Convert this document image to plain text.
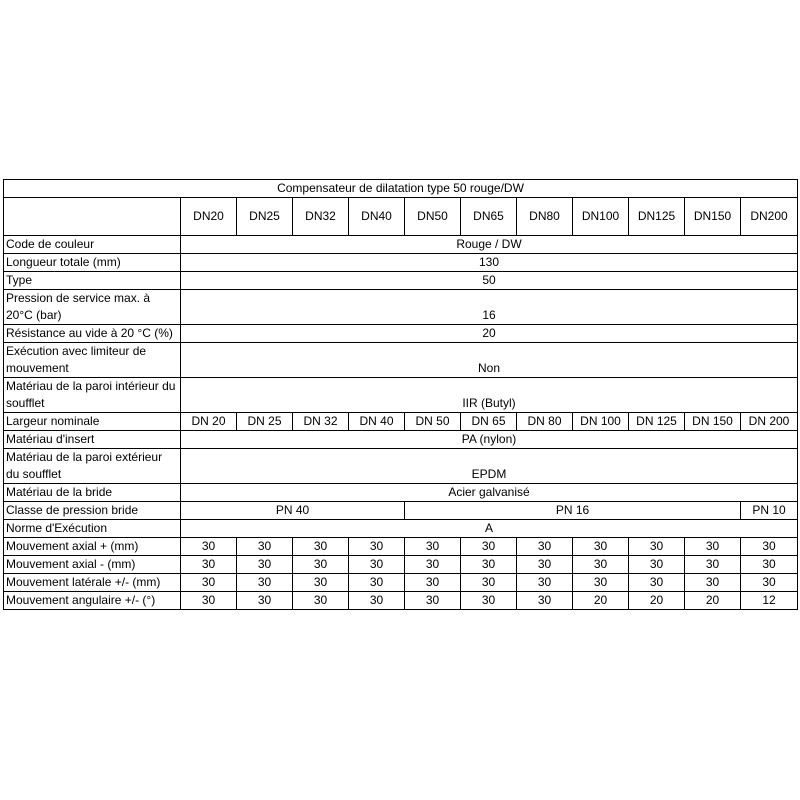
Compensateur de dilatation type 50 rouge/DW											
	DN20	DN25	DN32	DN40	DN50	DN65	DN80	DN100	DN125	DN150	DN200
Code de couleur	Rouge / DW										
Longueur totale (mm)	130										
Type	50										
Pression de service max. à 20°C (bar)	16										
Résistance au vide à 20 °C (%)	20										
Exécution avec limiteur de mouvement	Non										
Matériau de la paroi intérieur du soufflet	IIR (Butyl)										
Largeur nominale	DN 20	DN 25	DN 32	DN 40	DN 50	DN 65	DN 80	DN 100	DN 125	DN 150	DN 200
Matériau d'insert	PA (nylon)										
Matériau de la paroi extérieur du soufflet	EPDM										
Matériau de la bride	Acier galvanisé										
Classe de pression bride	PN 40				PN 16						PN 10
Norme d'Exécution	A										
Mouvement axial + (mm)	30	30	30	30	30	30	30	30	30	30	30
Mouvement axial - (mm)	30	30	30	30	30	30	30	30	30	30	30
Mouvement latérale +/- (mm)	30	30	30	30	30	30	30	30	30	30	30
Mouvement angulaire +/- (°)	30	30	30	30	30	30	30	20	20	20	12
